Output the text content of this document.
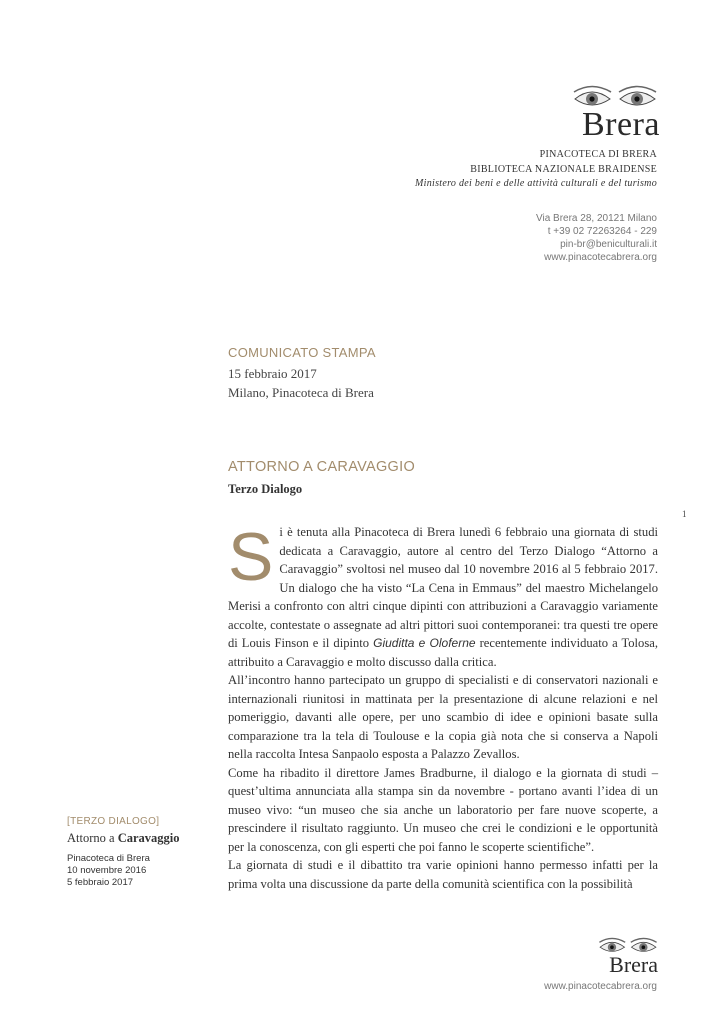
Brera
PINACOTECA DI BRERA
BIBLIOTECA NAZIONALE BRAIDENSE
Ministero dei beni e delle attività culturali e del turismo
Via Brera 28, 20121 Milano
t +39 02 72263264 - 229
pin-br@beniculturali.it
www.pinacotecabrera.org
COMUNICATO STAMPA
15 febbraio 2017
Milano, Pinacoteca di Brera
ATTORNO A CARAVAGGIO
Terzo Dialogo
1

Si è tenuta alla Pinacoteca di Brera lunedì 6 febbraio una giornata di studi dedicata a Caravaggio, autore al centro del Terzo Dialogo “Attorno a Caravaggio” svoltosi nel museo dal 10 novembre 2016 al 5 febbraio 2017. Un dialogo che ha visto “La Cena in Emmaus” del maestro Michelangelo Merisi a confronto con altri cinque dipinti con attribuzioni a Caravaggio variamente accolte, contestate o assegnate ad altri pittori suoi contemporanei: tra questi tre opere di Louis Finson e il dipinto Giuditta e Oloferne recentemente individuato a Tolosa, attribuito a Caravaggio e molto discusso dalla critica.

All’incontro hanno partecipato un gruppo di specialisti e di conservatori nazionali e internazionali riunitosi in mattinata per la presentazione di alcune relazioni e nel pomeriggio, davanti alle opere, per uno scambio di idee e opinioni basate sulla comparazione tra la tela di Toulouse e la copia già nota che si conserva a Napoli nella raccolta Intesa Sanpaolo esposta a Palazzo Zevallos.

Come ha ribadito il direttore James Bradburne, il dialogo e la giornata di studi – quest’ultima annunciata alla stampa sin da novembre - portano avanti l’idea di un museo vivo: “un museo che sia anche un laboratorio per fare nuove scoperte, a prescindere il risultato raggiunto. Un museo che crei le condizioni e le opportunità per la conoscenza, con gli esperti che poi fanno le scoperte scientifiche”.

La giornata di studi e il dibattito tra varie opinioni hanno permesso infatti per la prima volta una discussione da parte della comunità scientifica con la possibilità

[TERZO DIALOGO]
Attorno a Caravaggio
Pinacoteca di Brera
10 novembre 2016
5 febbraio 2017
Brera
www.pinacotecabrera.org
